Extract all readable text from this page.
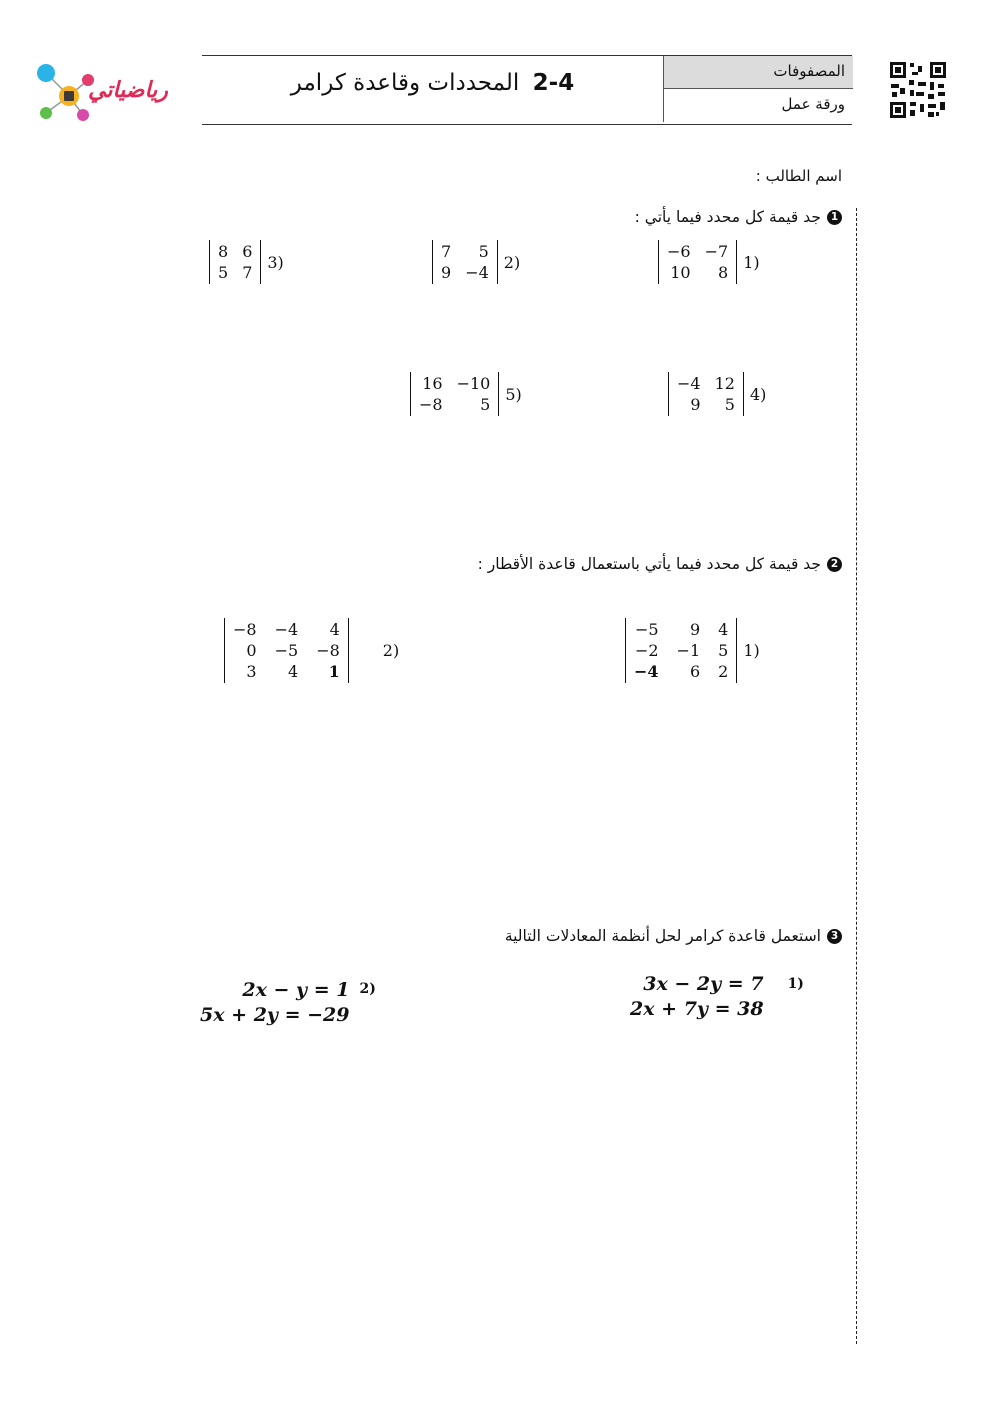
المصفوفات
ورقة عمل
2-4 المحددات وقاعدة كرامر
رياضياتي
اسم الطالب :
1جد قيمة كل محدد فيما يأتي :
−6 −7
10	8
1)
7	5
9 −4
2)
8 6
5 7
3)
−4 12
9	5
4)
16 −10
−8	5
5)
2جد قيمة كل محدد فيما يأتي باستعمال قاعدة الأقطار :
−5	9 4
−2 −1 5
−4	6 2
1)
−8 −4	4
0 −5 −8
3	4	1
2)
3استعمل قاعدة كرامر لحل أنظمة المعادلات التالية
3x − 2y = 7
2x + 7y = 38
1)
2x − y = 1
5x + 2y = −29
2)
